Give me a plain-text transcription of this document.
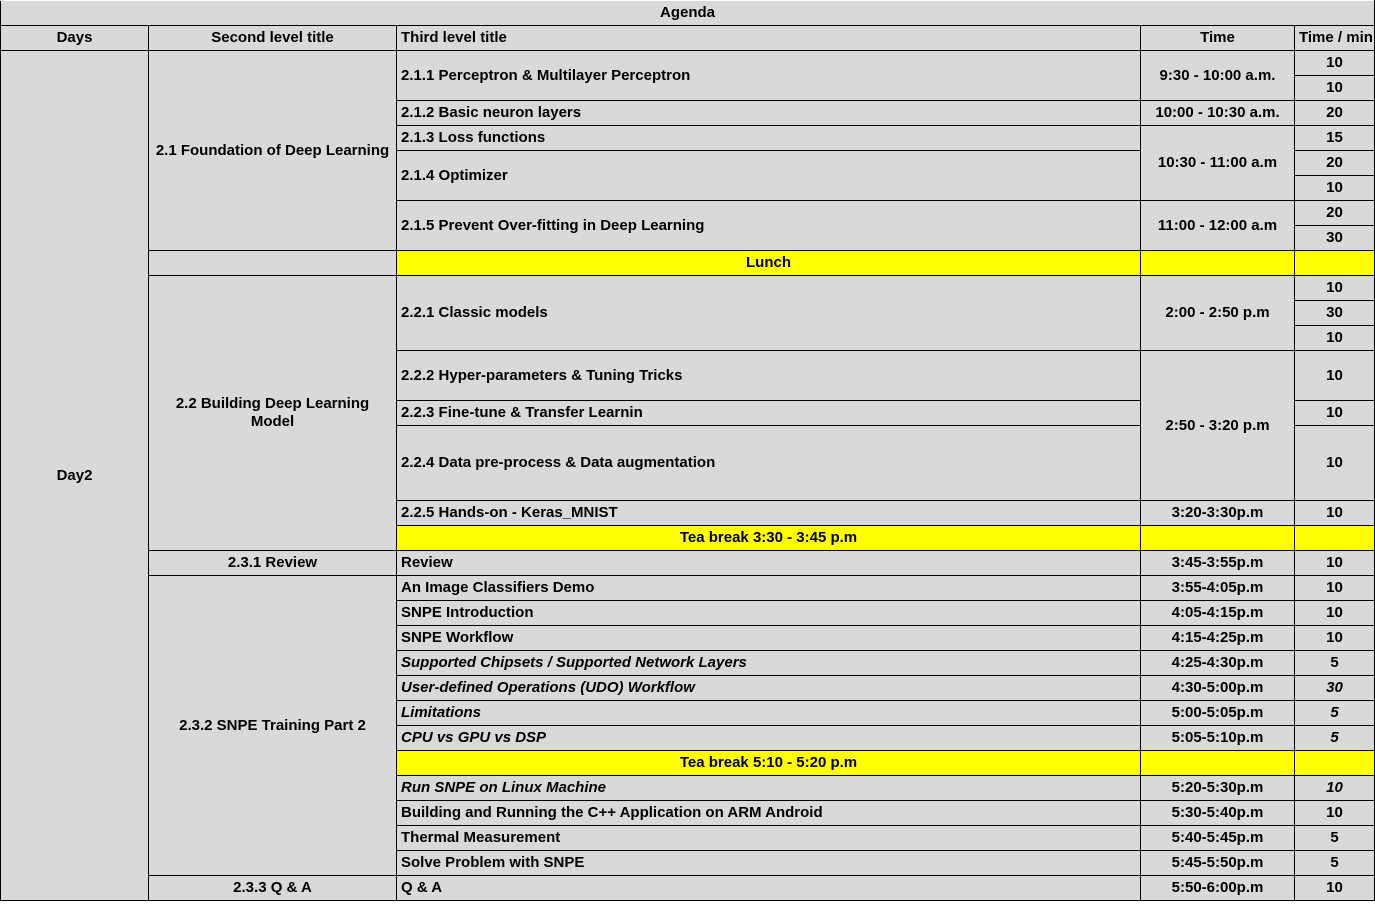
Agenda				
Days	Second level title	Third level title	Time	Time / min
Day2	2.1 Foundation of Deep Learning	2.1.1 Perceptron & Multilayer Perceptron	9:30 - 10:00 a.m.	10
				10
		2.1.2 Basic neuron layers	10:00 - 10:30 a.m.	20
		2.1.3 Loss functions	10:30 - 11:00 a.m	15
		2.1.4 Optimizer		20
				10
		2.1.5 Prevent Over-fitting in Deep Learning	11:00 - 12:00 a.m	20
				30
		Lunch		
	2.2 Building Deep Learning Model	2.2.1 Classic models	2:00 - 2:50 p.m	10
				30
				10
		2.2.2 Hyper-parameters & Tuning Tricks	2:50 - 3:20 p.m	10

		2.2.3 Fine-tune & Transfer Learnin		10
		2.2.4 Data pre-process & Data augmentation		10

		2.2.5 Hands-on - Keras_MNIST	3:20-3:30p.m	10
		Tea break 3:30 - 3:45 p.m		
	2.3.1 Review	Review	3:45-3:55p.m	10
	2.3.2 SNPE Training Part 2	An Image Classifiers Demo	3:55-4:05p.m	10
		SNPE Introduction	4:05-4:15p.m	10
		SNPE Workflow	4:15-4:25p.m	10
		Supported Chipsets / Supported Network Layers	4:25-4:30p.m	5
		User-defined Operations (UDO) Workflow	4:30-5:00p.m	30
		Limitations	5:00-5:05p.m	5
		CPU vs GPU vs DSP	5:05-5:10p.m	5
		Tea break 5:10 - 5:20 p.m		
		Run SNPE on Linux Machine	5:20-5:30p.m	10
		Building and Running the C++ Application on ARM Android	5:30-5:40p.m	10
		Thermal Measurement	5:40-5:45p.m	5
		Solve Problem with SNPE	5:45-5:50p.m	5
	2.3.3 Q & A	Q & A	5:50-6:00p.m	10
